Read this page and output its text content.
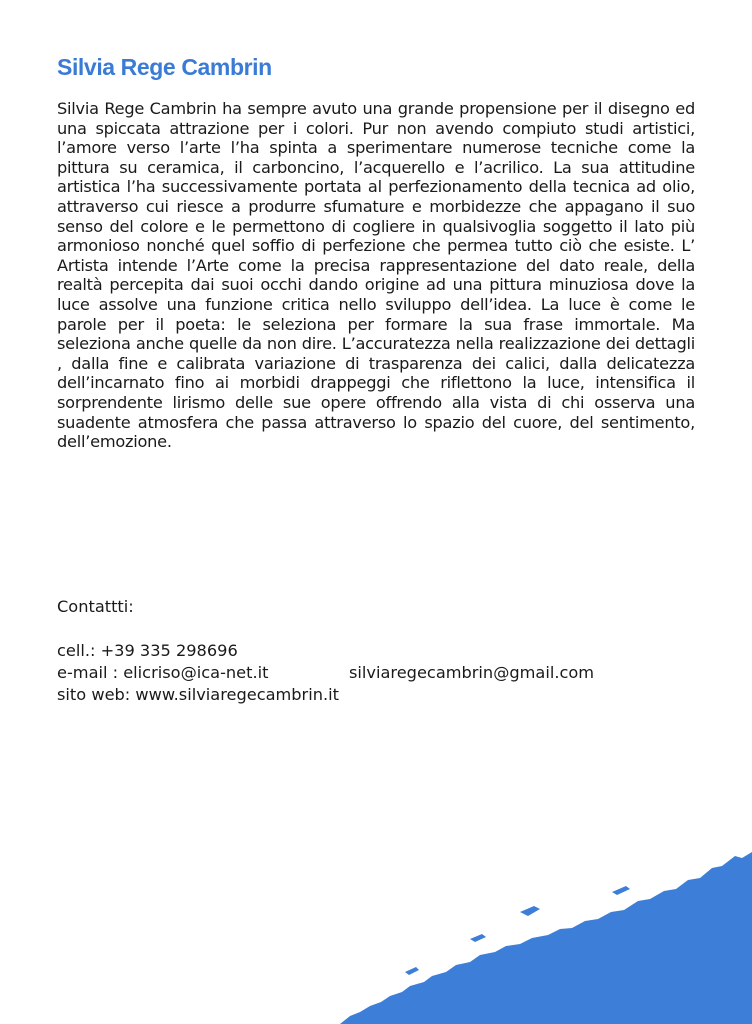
Silvia Rege Cambrin

Silvia Rege Cambrin ha sempre avuto una grande propensione per il disegno ed una spiccata attrazione per i colori. Pur non avendo compiuto studi artistici, l’amore verso l’arte l’ha spinta a sperimentare numerose tecniche come la pittura su ceramica, il carboncino, l’acquerello e l’acrilico. La sua attitudine artistica l’ha successivamente portata al perfezionamento della tecnica ad olio, attraverso cui riesce a produrre sfumature e morbidezze che appagano il suo senso del colore e le permettono di cogliere in qualsivoglia soggetto il lato più armonioso nonché quel soffio di perfezione che permea tutto ciò che esiste. L’ Artista intende l’Arte come la precisa rappresentazione del dato reale, della realtà percepita dai suoi occhi dando origine ad una pittura minuziosa dove la luce assolve una funzione critica nello sviluppo dell’idea. La luce è come le parole per il poeta: le seleziona per formare la sua frase immortale. Ma seleziona anche quelle da non dire. L’accuratezza nella realizzazione dei dettagli , dalla fine e calibrata variazione di trasparenza dei calici, dalla delicatezza dell’incarnato fino ai morbidi drappeggi che riflettono la luce, intensifica il sorprendente lirismo delle sue opere offrendo alla vista di chi osserva una suadente atmosfera che passa attraverso lo spazio del cuore, del sentimento, dell’emozione.

Contattti:
cell.: +39 335 298696
e-mail : elicriso@ica-net.it	silviaregecambrin@gmail.com
sito web: www.silviaregecambrin.it
